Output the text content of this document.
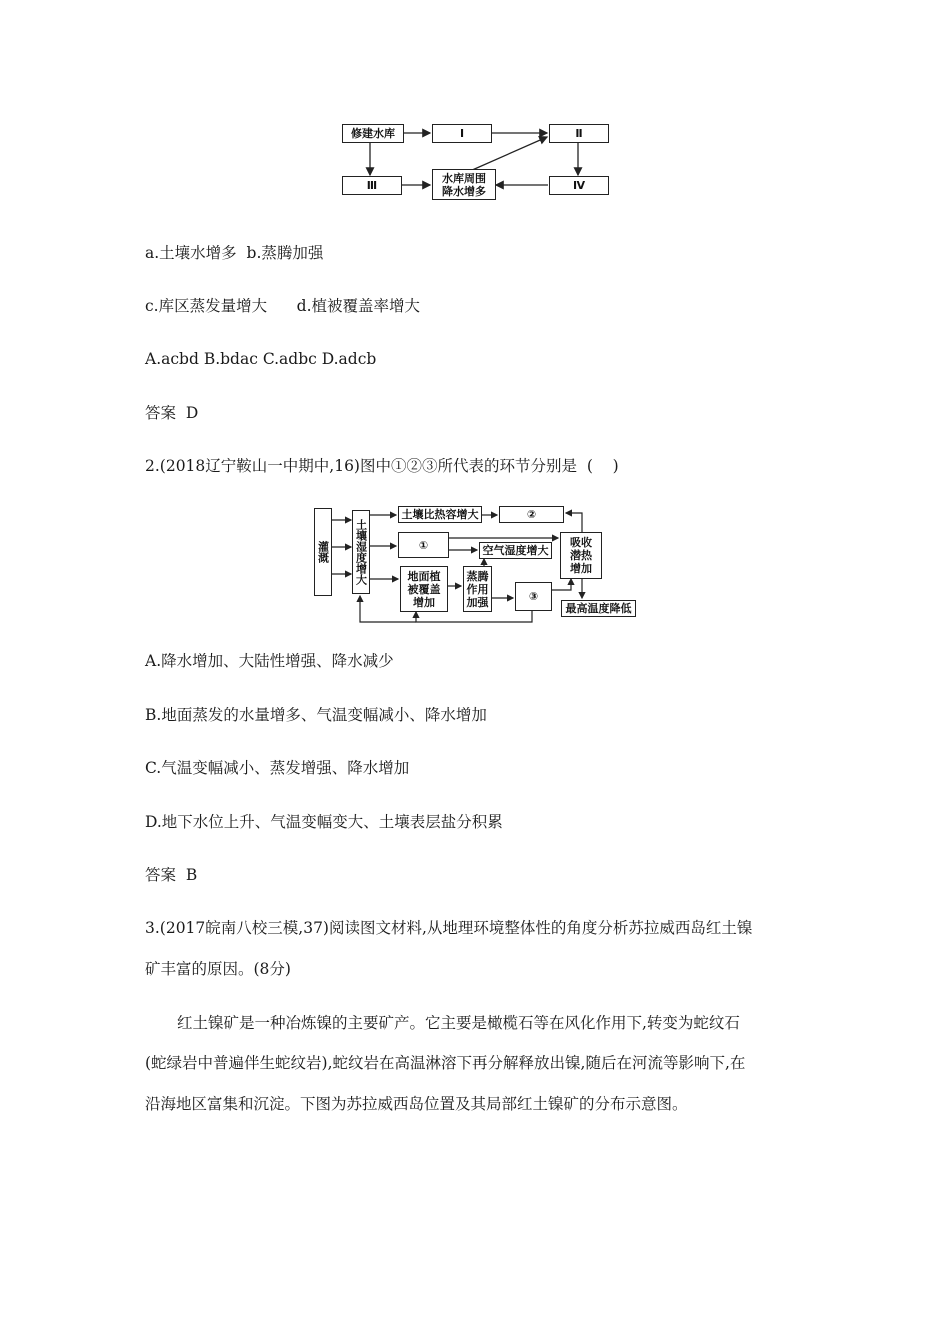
修建水库	Ⅰ	Ⅱ
Ⅲ
水库周围降水增多	Ⅳ
a.土壤水增多  b.蒸腾加强
c.库区蒸发量增大      d.植被覆盖率增大
A.acbd B.bdac C.adbc D.adcb
答案  D
2.(2018辽宁鞍山一中期中,16)图中①②③所代表的环节分别是  (    )
灌溉 土壤湿度增大
土壤比热容增大	②
①	空气湿度增大
吸收潜热增加
地面植被覆盖增加
蒸腾作用加强	③
最高温度降低
A.降水增加、大陆性增强、降水减少
B.地面蒸发的水量增多、气温变幅减小、降水增加
C.气温变幅减小、蒸发增强、降水增加
D.地下水位上升、气温变幅变大、土壤表层盐分积累
答案  B
3.(2017皖南八校三模,37)阅读图文材料,从地理环境整体性的角度分析苏拉威西岛红土镍
矿丰富的原因。(8分)
红土镍矿是一种冶炼镍的主要矿产。它主要是橄榄石等在风化作用下,转变为蛇纹石
(蛇绿岩中普遍伴生蛇纹岩),蛇纹岩在高温淋溶下再分解释放出镍,随后在河流等影响下,在
沿海地区富集和沉淀。下图为苏拉威西岛位置及其局部红土镍矿的分布示意图。
